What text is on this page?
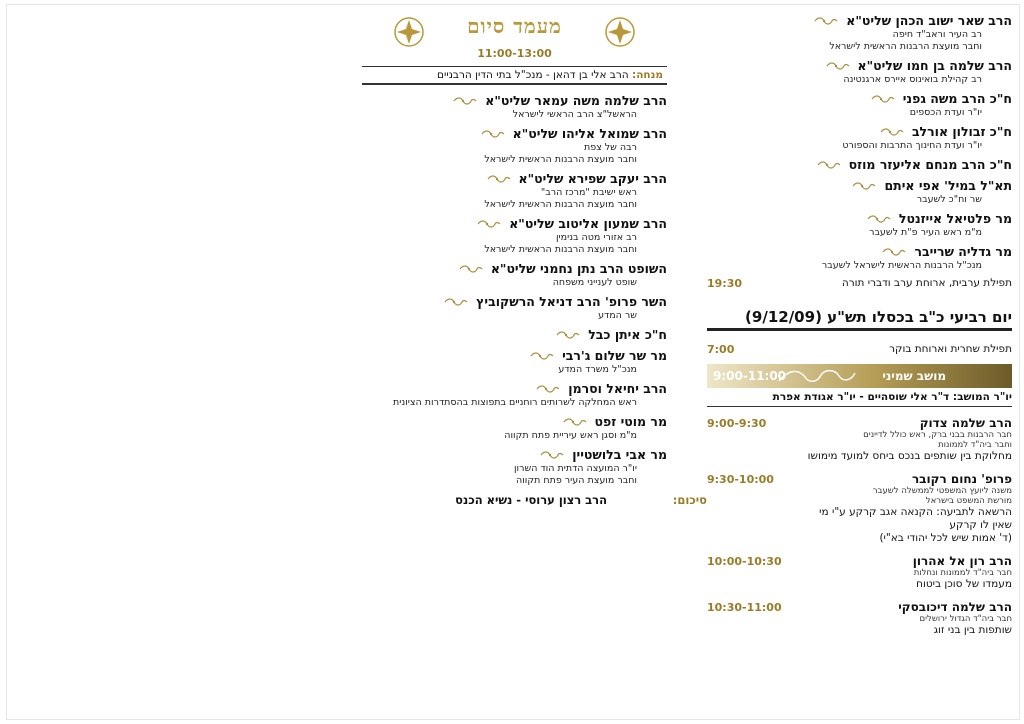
הרב שאר ישוב הכהן שליט"א
רב העיר וראב"ד חיפה
וחבר מועצת הרבנות הראשית לישראל
הרב שלמה בן חמו שליט"א
רב קהילת בואינוס איירס ארגנטינה
ח"כ הרב משה גפני
יו"ר ועדת הכספים
ח"כ זבולון אורלב
יו"ר ועדת החינוך התרבות והספורט
ח"כ הרב מנחם אליעזר מוזס
תא"ל במיל' אפי איתם
שר וח"כ לשעבר
מר פלטיאל אייזנטל
מ"מ ראש העיר פ"ת לשעבר
מר גדליה שרייבר
מנכ"ל הרבנות הראשית לישראל לשעבר
תפילת ערבית, ארוחת ערב ודברי תורה
19:30
יום רביעי כ"ב בכסלו תש"ע (9/12/09)
תפילת שחרית וארוחת בוקר
7:00
מושב שמיני
9:00-11:00
יו"ר המושב: ד"ר אלי שוסהיים - יו"ר אגודת אפרת
הרב שלמה צדוק
9:00-9:30
חבר הרבנות בבני ברק, ראש כולל לדיינים
וחבר ביה"ד לממונות
מחלוקת בין שותפים בנכס ביחס למועד מימושו
פרופ' נחום רקובר
9:30-10:00
משנה ליועץ המשפטי לממשלה לשעבר
מורשת המשפט בישראל
הרשאה לתביעה: הקנאה אגב קרקע ע"י מי
שאין לו קרקע
(ד' אמות שיש לכל יהודי בא"י)
הרב רון אל אהרון
10:00-10:30
חבר ביה"ד לממונות ונחלות
מעמדו של סוכן ביטוח
הרב שלמה דיכובסקי
10:30-11:00
חבר ביה"ד הגדול ירושלים
שותפות בין בני זוג
מעמד סיום
11:00-13:00
מנחה: הרב אלי בן דהאן - מנכ"ל בתי הדין הרבניים
הרב שלמה משה עמאר שליט"א
הראשל"צ הרב הראשי לישראל
הרב שמואל אליהו שליט"א
רבה של צפת
וחבר מועצת הרבנות הראשית לישראל
הרב יעקב שפירא שליט"א
ראש ישיבת "מרכז הרב"
וחבר מועצת הרבנות הראשית לישראל
הרב שמעון אליטוב שליט"א
רב אזורי מטה בנימין
וחבר מועצת הרבנות הראשית לישראל
השופט הרב נתן נחמני שליט"א
שופט לענייני משפחה
השר פרופ' הרב דניאל הרשקוביץ
שר המדע
ח"כ איתן כבל
מר שר שלום ג'רבי
מנכ"ל משרד המדע
הרב יחיאל וסרמן
ראש המחלקה לשרותים רוחניים בתפוצות בהסתדרות הציונית
מר מוטי זפט
מ"מ וסגן ראש עיריית פתח תקווה
מר אבי בלושטיין
יו"ר המועצה הדתית הוד השרון
וחבר מועצת העיר פתח תקווה
סיכום:
הרב רצון ערוסי - נשיא הכנס
